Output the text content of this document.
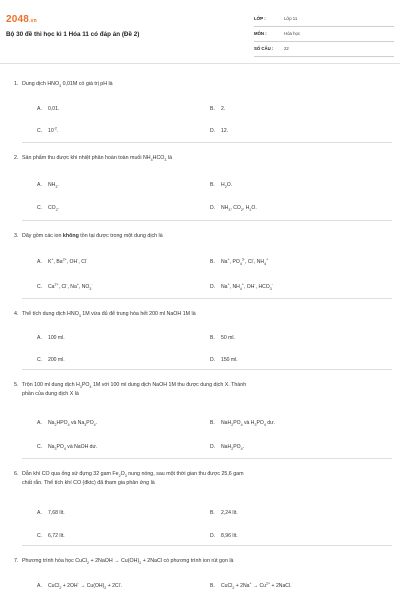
2048.vn
Bộ 30 đề thi học kì 1 Hóa 11 có đáp án (Đề 2)
LỚP :	Lớp 11
MÔN :	Hóa học
SỐ CÂU : 22
1. Dung dịch $HNO_3$ 0,01M có giá trị pH là
A. 0,01.	B. 2.
C. $10^{-2}$.	D. 12.
2. Sản phẩm thu được khi nhiệt phân hoàn toàn muối $NH_4HCO_3$ là
A. $NH_3$.	B. $H_2O$.
C. $CO_2$.	D. $NH_3$, $CO_2$, $H_2O$.
3. Dãy gồm các ion không tồn tại được trong một dung dịch là
A. K+, $Ba^{2+}$, OH-, Cl-	B. Na+, $PO_4^{3-}$, Cl-, $NH_4^+$
C. $Ca^{2+}$, Cl-, Na+, $NO_3^-$	D. Na+, $NH_4^+$, OH-, $HCO_3^-$
4. Thể tích dung dịch $HNO_3$ 1M vừa đủ để trung hòa hết 200 ml NaOH 1M là
A. 100 ml.	B. 50 ml.
C. 200 ml.	D. 150 ml.
5. Trộn 100 ml dung dịch $H_3PO_4$ 1M với 100 ml dung dịch NaOH 1M thu được dung dịch X. Thành
phần của dung dịch X là
A. $Na_2HPO_4$ và $Na_3PO_4$.	B. $NaH_2PO_4$ và $H_3PO_4$ dư.
C. $Na_3PO_4$ và NaOH dư.	D. $NaH_2PO_4$.
6. Dẫn khí CO qua ống sứ đựng 32 gam $Fe_2O_3$ nung nóng, sau một thời gian thu được 25,6 gam
chất rắn. Thể tích khí CO (đktc) đã tham gia phản ứng là
A. 7,68 lít.	B. 2,24 lít.
C. 6,72 lít.	D. 8,96 lít.
7. Phương trình hóa học CuCl$_2$ + 2NaOH → $Cu(OH)_2$ + 2NaCl có phương trình ion rút gọn là
A. CuCl$_2$ + $2OH^- \to Cu(OH)_2 + 2Cl^-$.	B. CuCl$_2$ + $2Na^+ \to Cu^{2+}$ + 2NaCl.
